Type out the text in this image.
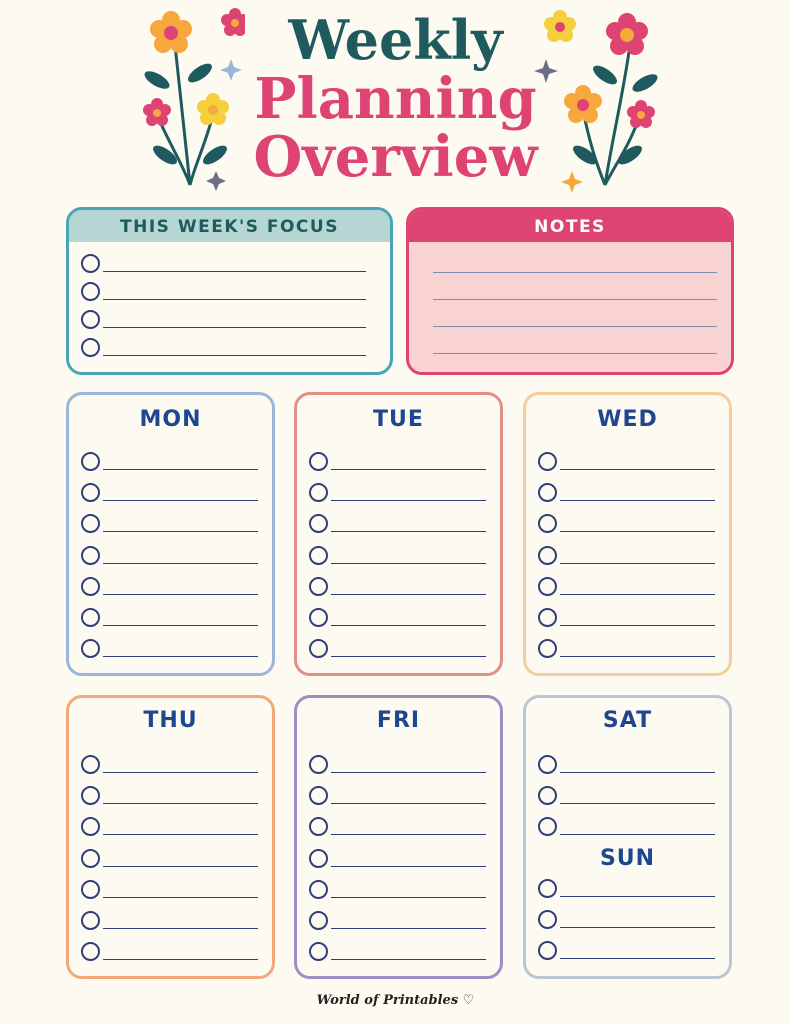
Weekly
Planning
Overview
THIS WEEK'S FOCUS	NOTES
MON	TUE	WED
THU	FRI	SAT
SUN
World of Printables ♡
